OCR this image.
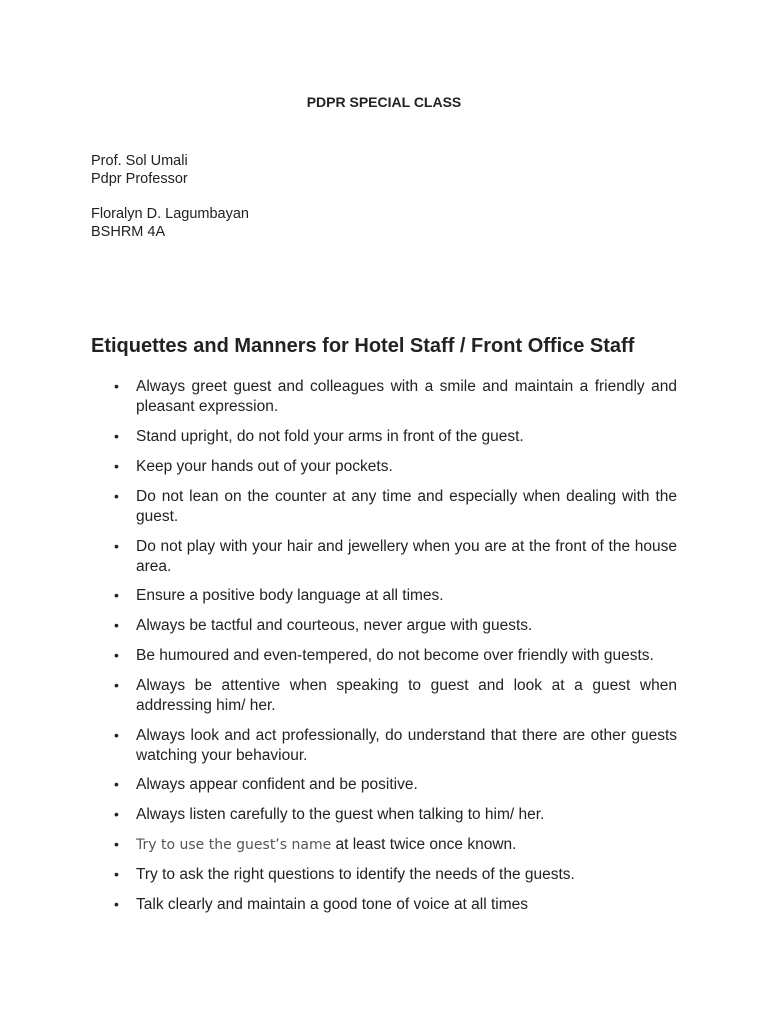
PDPR SPECIAL CLASS
Prof. Sol Umali
Pdpr Professor
Floralyn D. Lagumbayan
BSHRM 4A
Etiquettes and Manners for Hotel Staff / Front Office Staff
• Always greet guest and colleagues with a smile and maintain a friendly and pleasant expression.
• Stand upright, do not fold your arms in front of the guest.
• Keep your hands out of your pockets.
• Do not lean on the counter at any time and especially when dealing with the guest.
• Do not play with your hair and jewellery when you are at the front of the house area.
• Ensure a positive body language at all times.
• Always be tactful and courteous, never argue with guests.
• Be humoured and even-tempered, do not become over friendly with guests.
• Always be attentive when speaking to guest and look at a guest when addressing him/ her.
• Always look and act professionally, do understand that there are other guests watching your behaviour.
• Always appear confident and be positive.
• Always listen carefully to the guest when talking to him/ her.
• Try to use the guest’s name at least twice once known.
• Try to ask the right questions to identify the needs of the guests.
• Talk clearly and maintain a good tone of voice at all times
